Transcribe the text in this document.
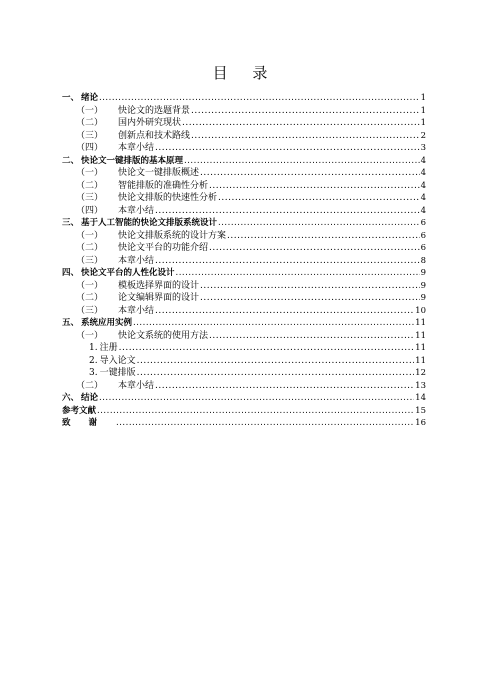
目 录
一、 绪论 .....	1
（一）	快论文的选题背景 .....	1
（二）	国内外研究现状 .....	1
（三）	创新点和技术路线 .....	2
（四）	本章小结 .....	3
二、 快论文一键排版的基本原理 .....	4
（一）	快论文一键排版概述 .....	4
（二）	智能排版的准确性分析 .....	4
（三）	快论文排版的快速性分析 .....	4
（四）	本章小结 .....	4
三、 基于人工智能的快论文排版系统设计 .....	6
（一）	快论文排版系统的设计方案 .....	6
（二）	快论文平台的功能介绍 .....	6
（三）	本章小结 .....	8
四、 快论文平台的人性化设计 .....	9
（一）	模板选择界面的设计 .....	9
（二）	论文编辑界面的设计 .....	9
（三）	本章小结 .....	10
五、 系统应用实例 .....	11
（一）	快论文系统的使用方法 .....	11
1. 注册 .....	11
2. 导入论文 .....	11
3. 一键排版 .....	12
（二）	本章小结 .....	13
六、 结论 .....	14
参考文献 .....	15
致谢 .....	16
